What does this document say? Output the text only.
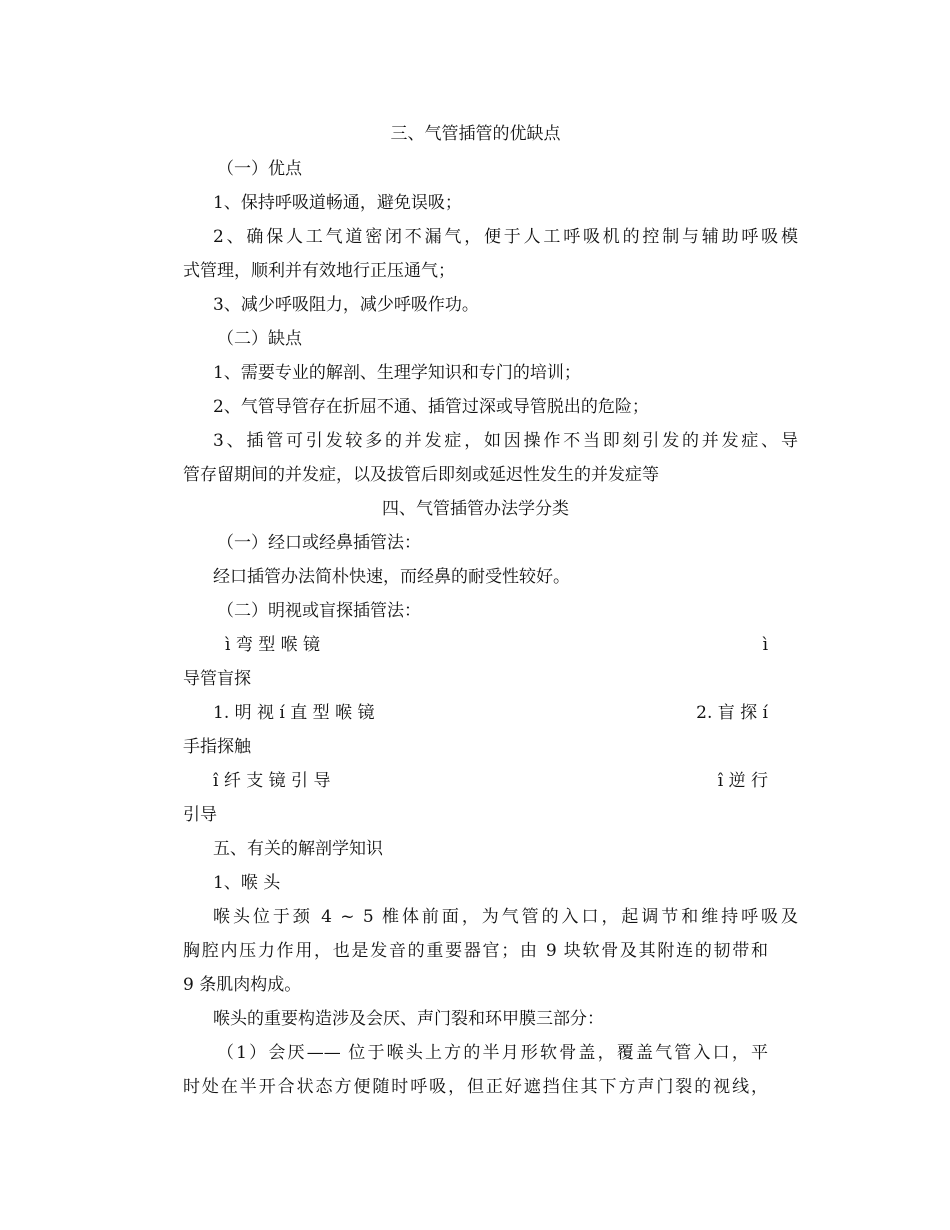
三、气管插管的优缺点
（一）优点
1、保持呼吸道畅通，避免误吸；
2、确保人工气道密闭不漏气，便于人工呼吸机的控制与辅助呼吸模
式管理，顺利并有效地行正压通气；
3、减少呼吸阻力，减少呼吸作功。
（二）缺点
1、需要专业的解剖、生理学知识和专门的培训；
2、气管导管存在折屈不通、插管过深或导管脱出的危险；
3、插管可引发较多的并发症，如因操作不当即刻引发的并发症、导
管存留期间的并发症，以及拔管后即刻或延迟性发生的并发症等
四、气管插管办法学分类
（一）经口或经鼻插管法：
经口插管办法简朴快速，而经鼻的耐受性较好。
（二）明视或盲探插管法：
ì 弯 型 喉 镜	ì
导管盲探
1. 明 视 í 直 型 喉 镜	2. 盲 探 í
手指探触
î 纤 支 镜 引 导	î 逆 行
引导
五、有关的解剖学知识
1、喉 头
喉头位于颈 4 ~ 5 椎体前面，为气管的入口，起调节和维持呼吸及
胸腔内压力作用，也是发音的重要器官；由 9 块软骨及其附连的韧带和
9 条肌肉构成。
喉头的重要构造涉及会厌、声门裂和环甲膜三部分：
（1）会厌—— 位于喉头上方的半月形软骨盖，覆盖气管入口，平
时处在半开合状态方便随时呼吸，但正好遮挡住其下方声门裂的视线，
